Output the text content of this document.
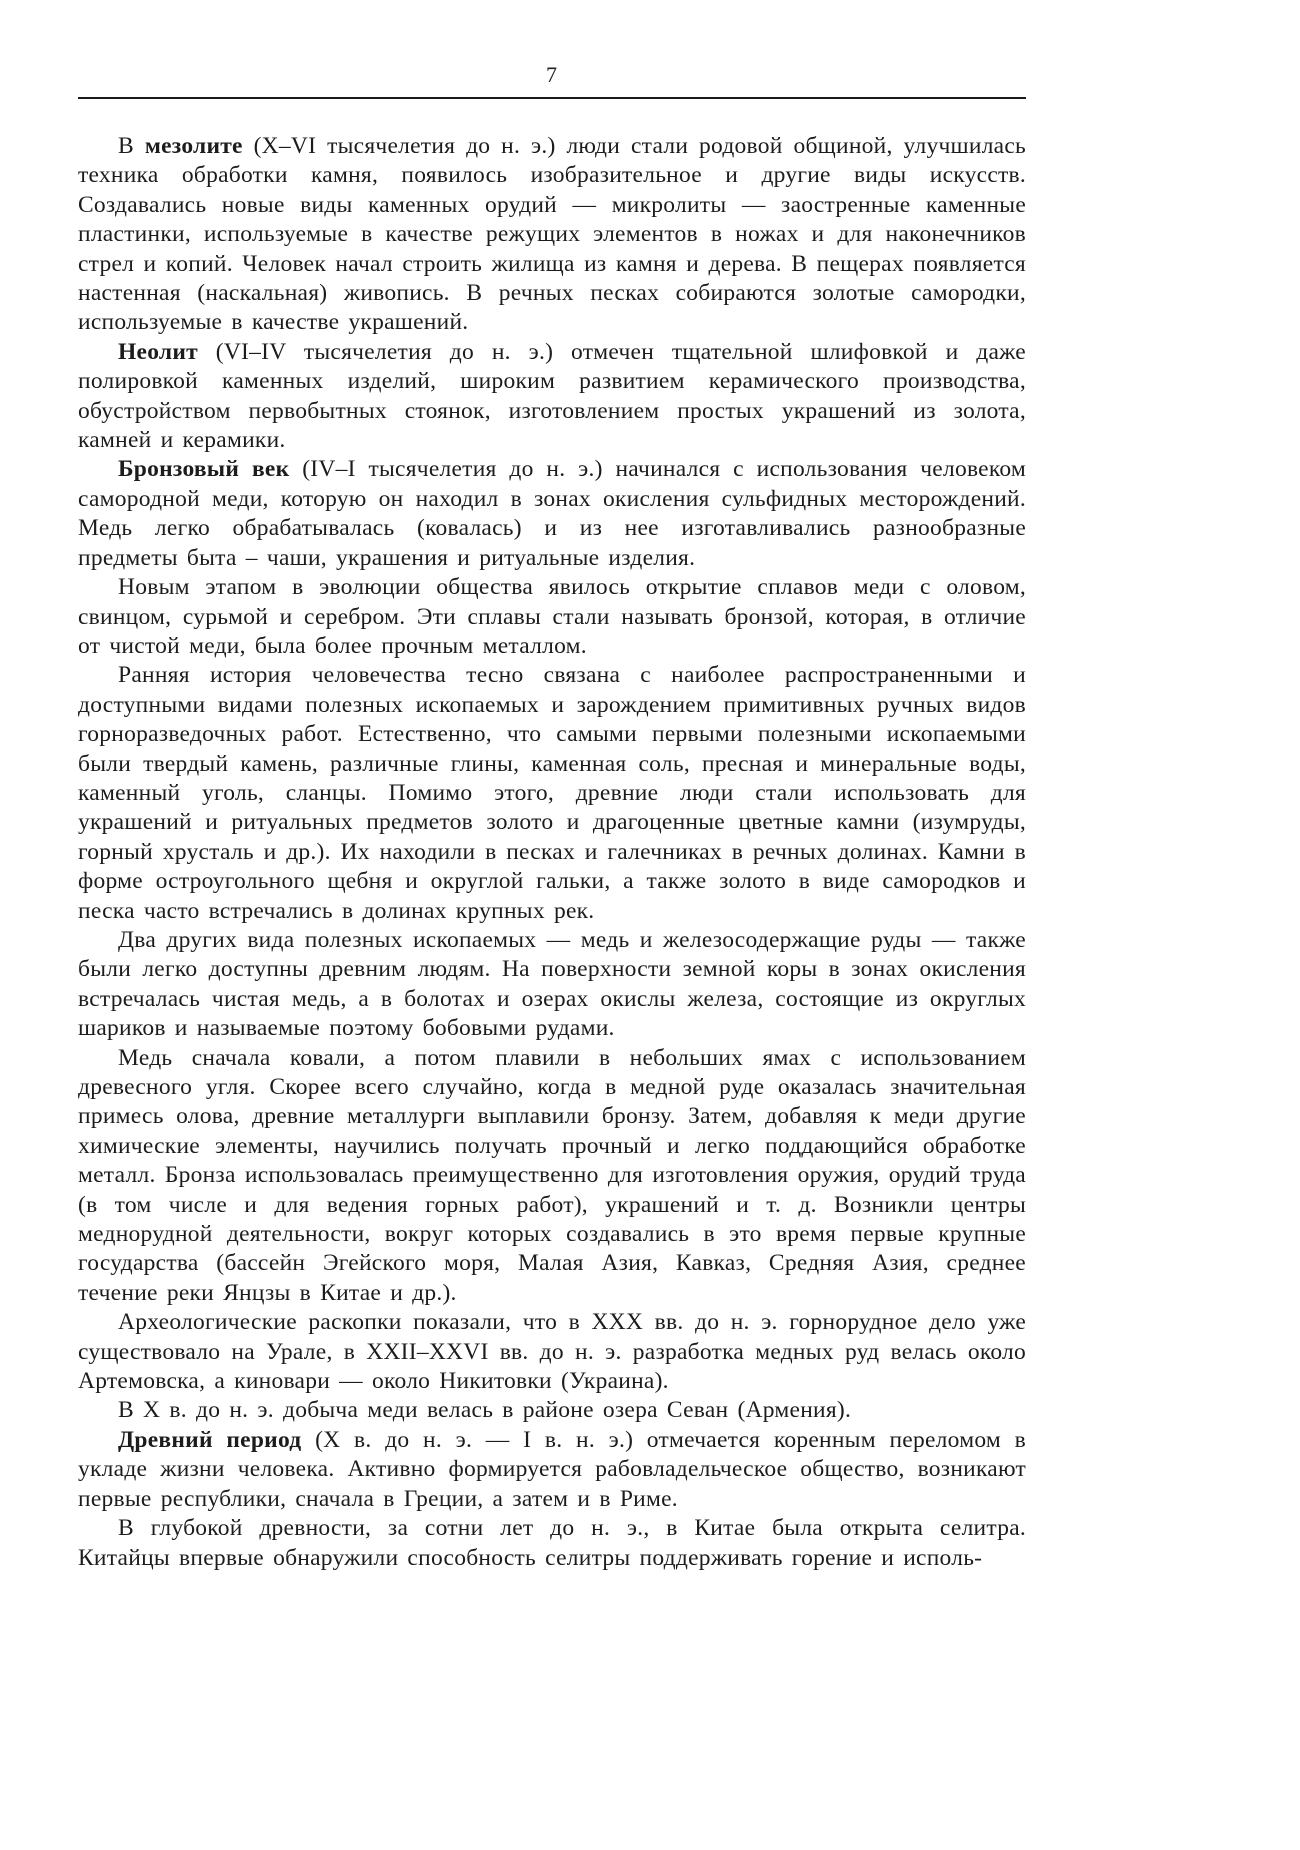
7

В мезолите (X–VI тысячелетия до н. э.) люди стали родовой общиной, улучшилась техника обработки камня, появилось изобразительное и другие виды искусств. Создавались новые виды каменных орудий — микролиты — заостренные каменные пластинки, используемые в качестве режущих элементов в ножах и для наконечников стрел и копий. Человек начал строить жилища из камня и дерева. В пещерах появляется настенная (наскальная) живопись. В речных песках собираются золотые самородки, используемые в качестве украшений.

Неолит (VI–IV тысячелетия до н. э.) отмечен тщательной шлифовкой и даже полировкой каменных изделий, широким развитием керамического производства, обустройством первобытных стоянок, изготовлением простых украшений из золота, камней и керамики.

Бронзовый век (IV–I тысячелетия до н. э.) начинался с использования человеком самородной меди, которую он находил в зонах окисления сульфидных месторождений. Медь легко обрабатывалась (ковалась) и из нее изготавливались разнообразные предметы быта – чаши, украшения и ритуальные изделия.

Новым этапом в эволюции общества явилось открытие сплавов меди с оловом, свинцом, сурьмой и серебром. Эти сплавы стали называть бронзой, которая, в отличие от чистой меди, была более прочным металлом.

Ранняя история человечества тесно связана с наиболее распространенными и доступными видами полезных ископаемых и зарождением примитивных ручных видов горноразведочных работ. Естественно, что самыми первыми полезными ископаемыми были твердый камень, различные глины, каменная соль, пресная и минеральные воды, каменный уголь, сланцы. Помимо этого, древние люди стали использовать для украшений и ритуальных предметов золото и драгоценные цветные камни (изумруды, горный хрусталь и др.). Их находили в песках и галечниках в речных долинах. Камни в форме остроугольного щебня и округлой гальки, а также золото в виде самородков и песка часто встречались в долинах крупных рек.

Два других вида полезных ископаемых — медь и железосодержащие руды — также были легко доступны древним людям. На поверхности земной коры в зонах окисления встречалась чистая медь, а в болотах и озерах окислы железа, состоящие из округлых шариков и называемые поэтому бобовыми рудами.

Медь сначала ковали, а потом плавили в небольших ямах с использованием древесного угля. Скорее всего случайно, когда в медной руде оказалась значительная примесь олова, древние металлурги выплавили бронзу. Затем, добавляя к меди другие химические элементы, научились получать прочный и легко поддающийся обработке металл. Бронза использовалась преимущественно для изготовления оружия, орудий труда (в том числе и для ведения горных работ), украшений и т. д. Возникли центры меднорудной деятельности, вокруг которых создавались в это время первые крупные государства (бассейн Эгейского моря, Малая Азия, Кавказ, Средняя Азия, среднее течение реки Янцзы в Китае и др.).

Археологические раскопки показали, что в XXX вв. до н. э. горнорудное дело уже существовало на Урале, в XXII–XXVI вв. до н. э. разработка медных руд велась около Артемовска, а киновари — около Никитовки (Украина).

В X в. до н. э. добыча меди велась в районе озера Севан (Армения).

Древний период (X в. до н. э. — I в. н. э.) отмечается коренным переломом в укладе жизни человека. Активно формируется рабовладельческое общество, возникают первые республики, сначала в Греции, а затем и в Риме.

В глубокой древности, за сотни лет до н. э., в Китае была открыта селитра. Китайцы впервые обнаружили способность селитры поддерживать горение и исполь-
